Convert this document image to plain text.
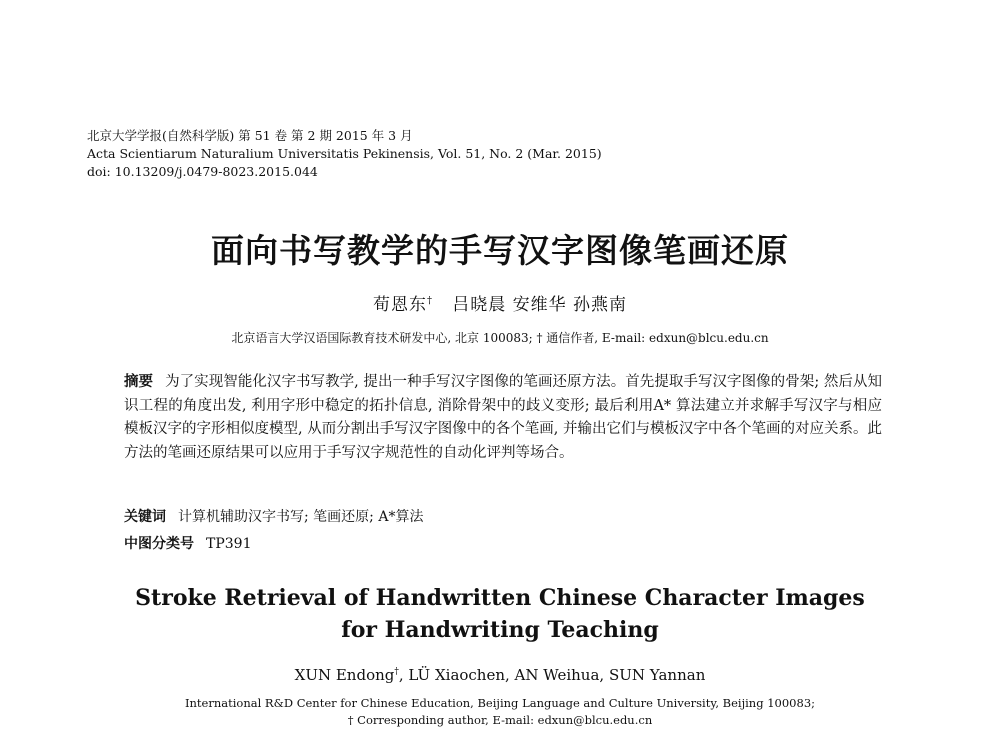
北京大学学报(自然科学版) 第 51 卷 第 2 期 2015 年 3 月
Acta Scientiarum Naturalium Universitatis Pekinensis, Vol. 51, No. 2 (Mar. 2015)
doi: 10.13209/j.0479-8023.2015.044
面向书写教学的手写汉字图像笔画还原
荀恩东† 吕晓晨 安维华 孙燕南
北京语言大学汉语国际教育技术研发中心, 北京 100083; † 通信作者, E-mail: edxun@blcu.edu.cn
摘要 为了实现智能化汉字书写教学, 提出一种手写汉字图像的笔画还原方法。首先提取手写汉字图像的骨架; 然后从知识工程的角度出发, 利用字形中稳定的拓扑信息, 消除骨架中的歧义变形; 最后利用A* 算法建立并求解手写汉字与相应模板汉字的字形相似度模型, 从而分割出手写汉字图像中的各个笔画, 并输出它们与模板汉字中各个笔画的对应关系。此方法的笔画还原结果可以应用于手写汉字规范性的自动化评判等场合。
关键词 计算机辅助汉字书写; 笔画还原; A*算法
中图分类号 TP391
Stroke Retrieval of Handwritten Chinese Character Images
for Handwriting Teaching
XUN Endong†, LÜ Xiaochen, AN Weihua, SUN Yannan
International R&D Center for Chinese Education, Beijing Language and Culture University, Beijing 100083;
† Corresponding author, E-mail: edxun@blcu.edu.cn
